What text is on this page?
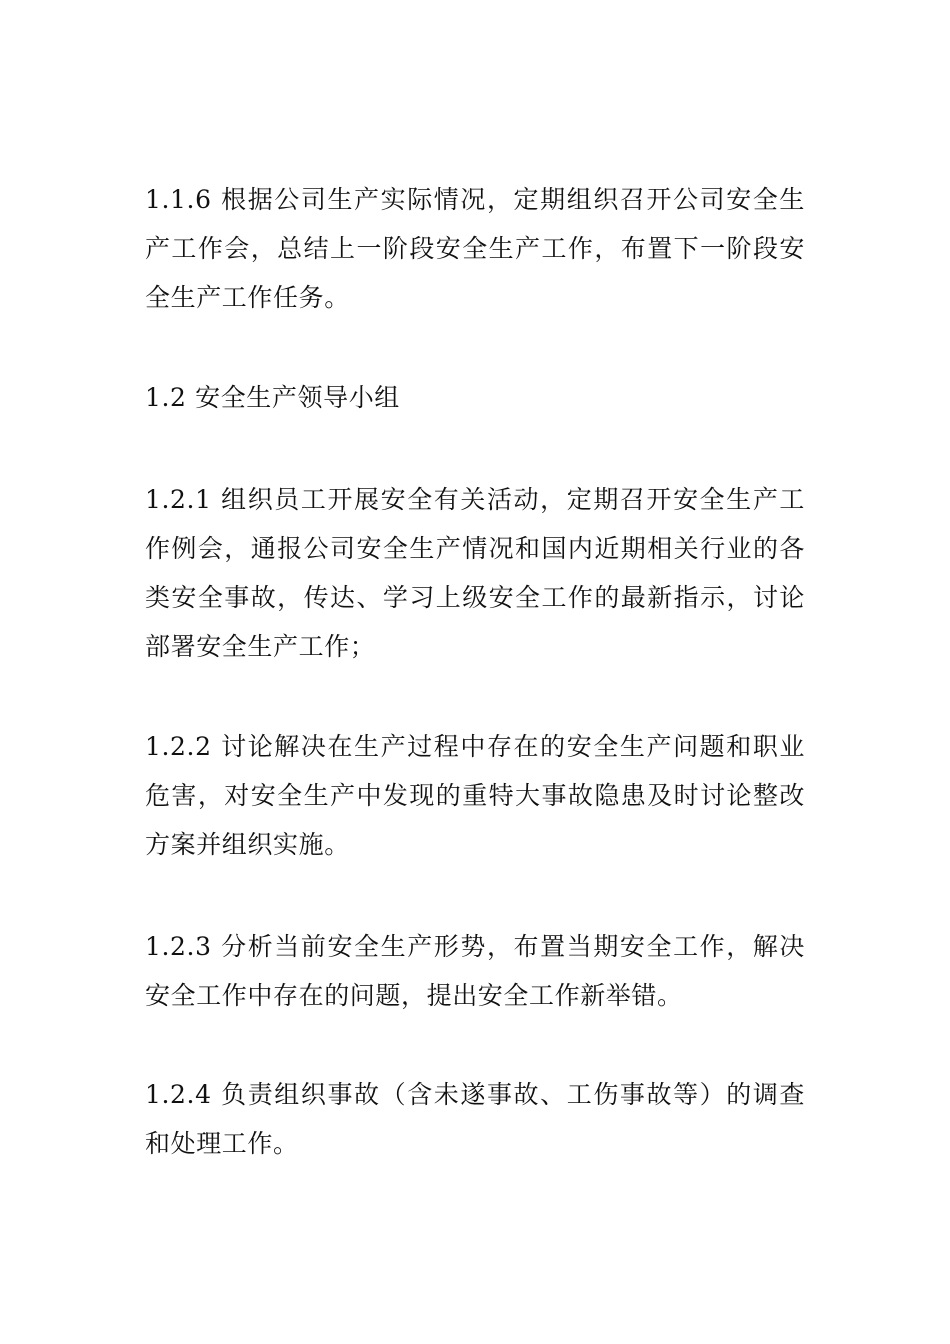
1.1.6 根据公司生产实际情况，定期组织召开公司安全生产工作会，总结上一阶段安全生产工作，布置下一阶段安全生产工作任务。

1.2 安全生产领导小组

1.2.1 组织员工开展安全有关活动，定期召开安全生产工作例会，通报公司安全生产情况和国内近期相关行业的各类安全事故，传达、学习上级安全工作的最新指示，讨论部署安全生产工作；

1.2.2 讨论解决在生产过程中存在的安全生产问题和职业危害，对安全生产中发现的重特大事故隐患及时讨论整改方案并组织实施。

1.2.3 分析当前安全生产形势，布置当期安全工作，解决安全工作中存在的问题，提出安全工作新举错。

1.2.4 负责组织事故（含未遂事故、工伤事故等）的调查和处理工作。
